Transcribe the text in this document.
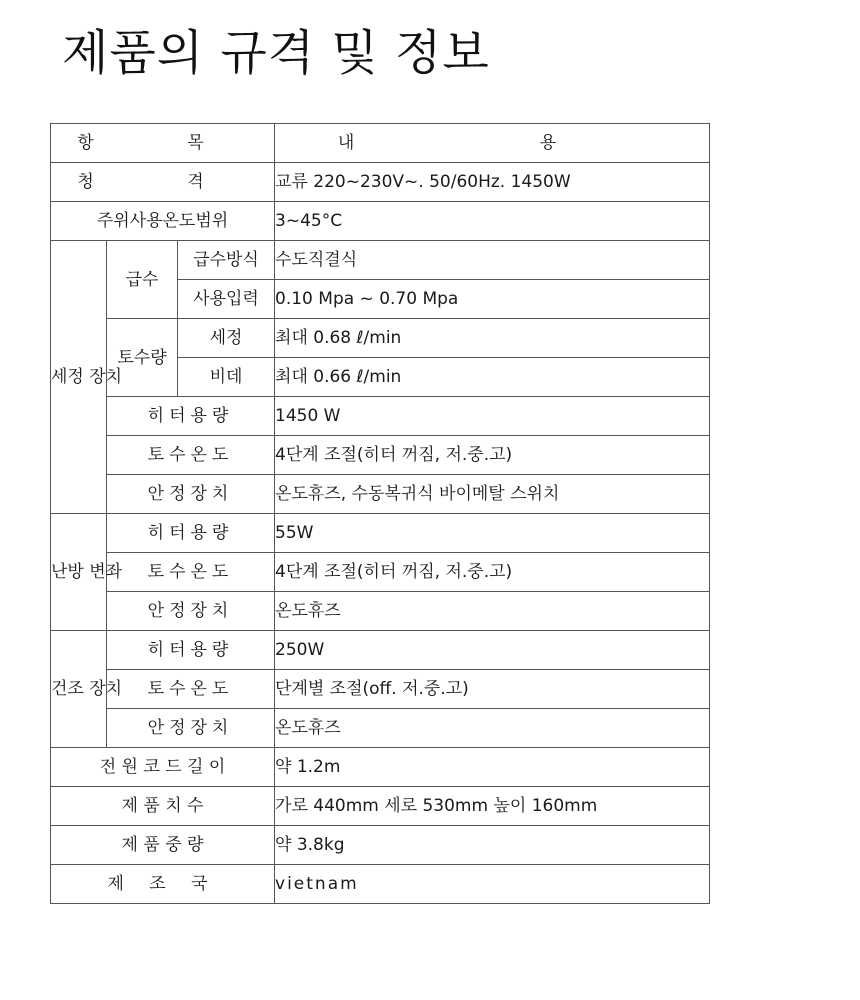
제품의 규격 및 정보
항 목			내 용
청 격			교류 220~230V~. 50/60Hz. 1450W
주위사용온도범위			3~45°C
세정 장치	급수	급수방식	수도직결식
		사용입력	0.10 Mpa ~ 0.70 Mpa
	토수량	세정	최대 0.68 ℓ/min
		비데	최대 0.66 ℓ/min
	히터용량		1450 W
	토수온도		4단계 조절(히터 꺼짐, 저.중.고)
	안정장치		온도휴즈, 수동복귀식 바이메탈 스위치
난방 변좌	히터용량		55W
	토수온도		4단계 조절(히터 꺼짐, 저.중.고)
	안정장치		온도휴즈
건조 장치	히터용량		250W
	토수온도		단계별 조절(off. 저.중.고)
	안정장치		온도휴즈
전 원 코 드 길 이			약 1.2m
제 품 치 수			가로 440mm 세로 530mm 높이 160mm
제 품 중 량			약 3.8kg
제 조 국			vietnam
